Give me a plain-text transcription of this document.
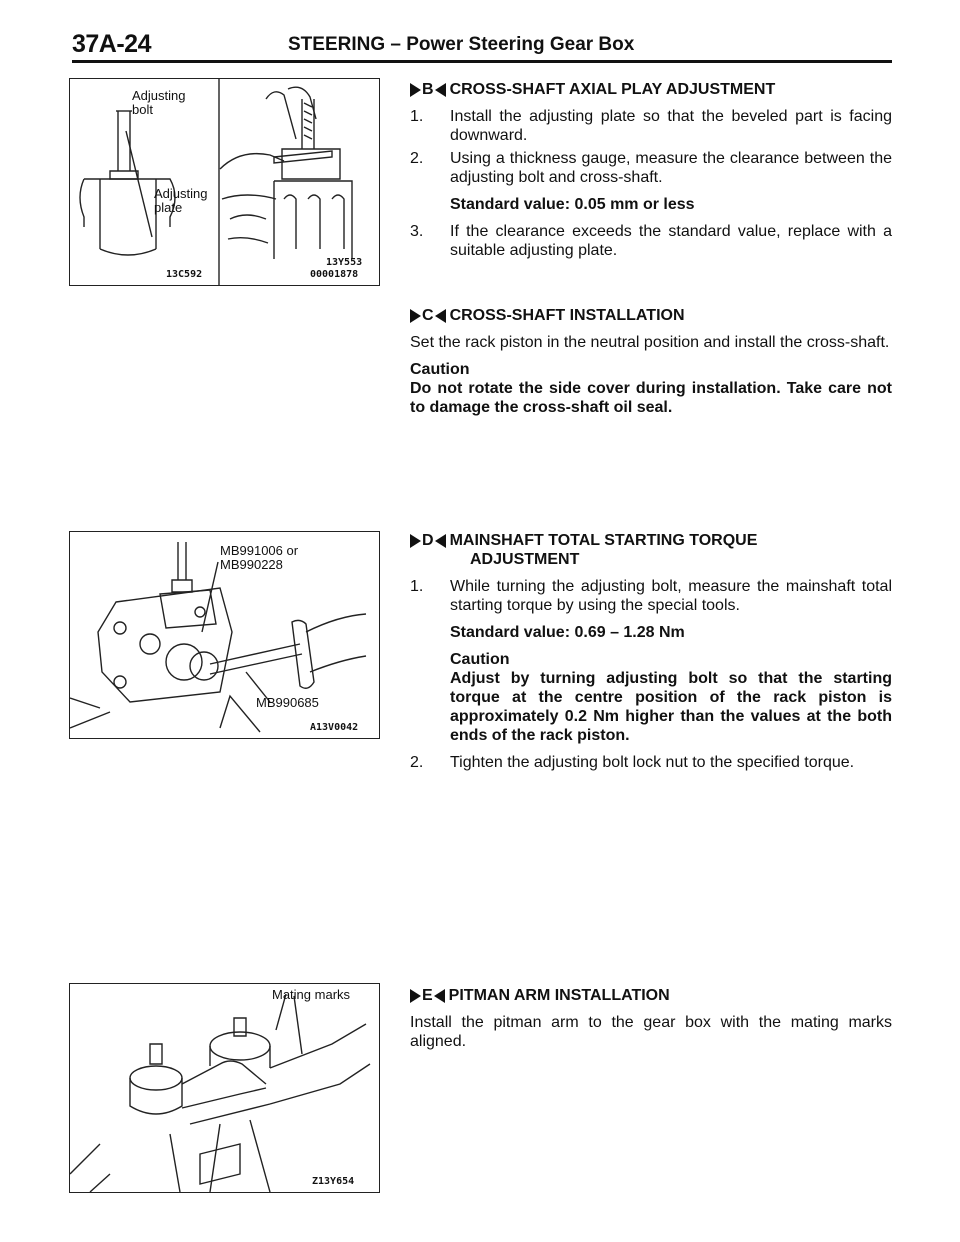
37A-24	STEERING – Power Steering Gear Box
Adjusting
bolt
Adjusting
plate
13C592
13Y553
00001878
MB991006 or
MB990228
MB990685
A13V0042
Mating marks
Z13Y654
B CROSS-SHAFT AXIAL PLAY ADJUSTMENT
1.	Install the adjusting plate so that the beveled part is facing downward.
2.	Using a thickness gauge, measure the clearance between the adjusting bolt and cross-shaft.
Standard value: 0.05 mm or less
3.	If the clearance exceeds the standard value, replace with a suitable adjusting plate.
C CROSS-SHAFT INSTALLATION
Set the rack piston in the neutral position and install the cross-shaft.
Caution
Do not rotate the side cover during installation. Take care not to damage the cross-shaft oil seal.
D MAINSHAFT TOTAL STARTING TORQUE
ADJUSTMENT
1.	While turning the adjusting bolt, measure the mainshaft total starting torque by using the special tools.
Standard value: 0.69 – 1.28 Nm
Caution
Adjust by turning adjusting bolt so that the starting torque at the centre position of the rack piston is approximately 0.2 Nm higher than the values at the both ends of the rack piston.
2.	Tighten the adjusting bolt lock nut to the specified torque.
E PITMAN ARM INSTALLATION
Install the pitman arm to the gear box with the mating marks aligned.
